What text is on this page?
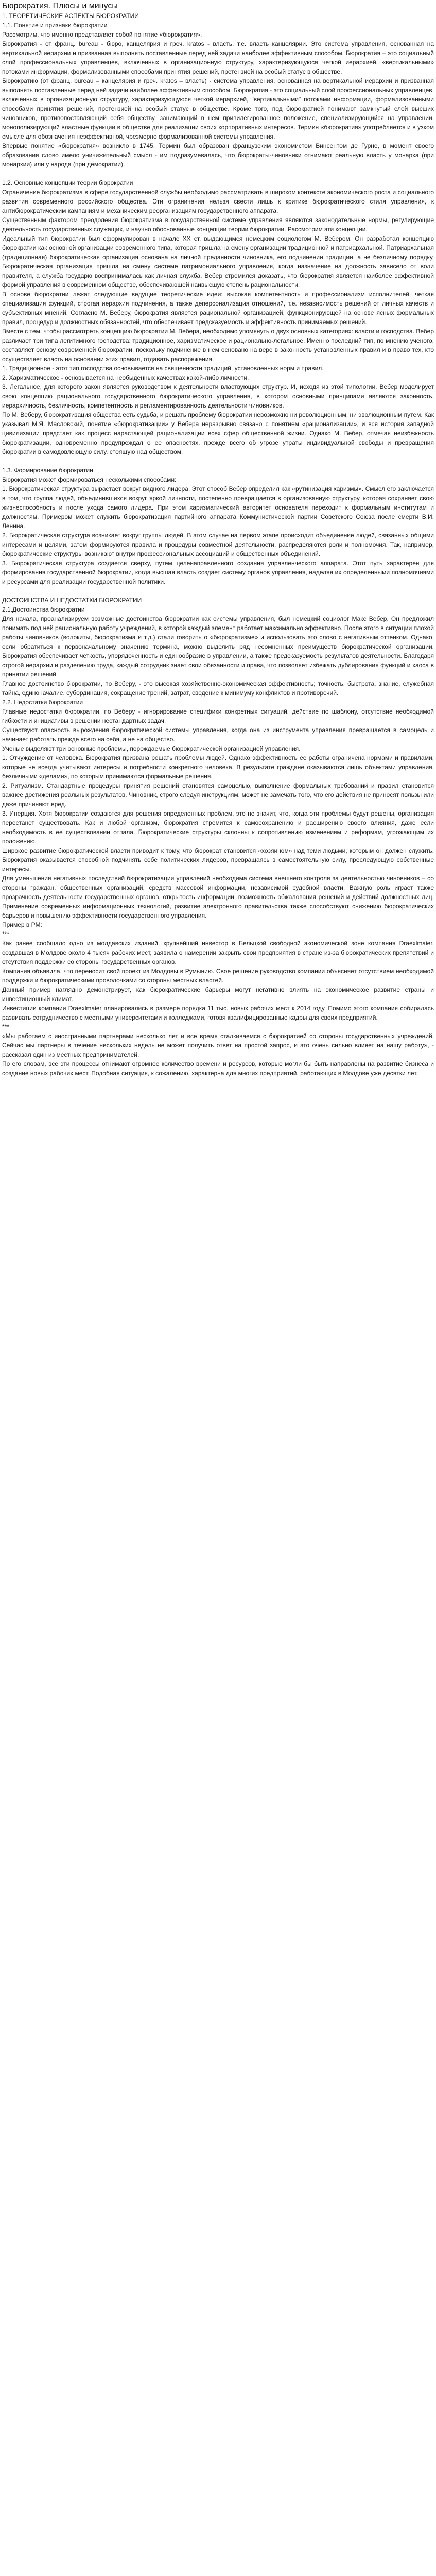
Бюрократия. Плюсы и минусы
1. ТЕОРЕТИЧЕСКИЕ АСПЕКТЫ БЮРОКРАТИИ

1.1. Понятие и признаки бюрократии

Рассмотрим, что именно представляет собой понятие «бюрократия».

Бюрократия - от франц. bureau - бюро, канцелярия и греч. kratos - власть, т.е. власть канцелярии. Это система управления, основанная на вертикальной иерархии и призванная выполнять поставленные перед ней задачи наиболее эффективным способом. Бюрократия – это социальный слой профессиональных управленцев, включенных в организационную структуру, характеризующуюся четкой иерархией, «вертикальными» потоками информации, формализованными способами принятия решений, претензией на особый статус в обществе.

Бюрократию (от франц. bureau – канцелярия и греч. kratos – власть) - система управления, основанная на вертикальной иерархии и призванная выполнять поставленные перед ней задачи наиболее эффективным способом. Бюрократия - это социальный слой профессиональных управленцев, включенных в организационную структуру, характеризующуюся четкой иерархией, "вертикальными" потоками информации, формализованными способами принятия решений, претензией на особый статус в обществе. Кроме того, под бюрократией понимают замкнутый слой высших чиновников, противопоставляющий себя обществу, занимающий в нем привилегированное положение, специализирующийся на управлении, монополизирующий властные функции в обществе для реализации своих корпоративных интересов. Термин «бюрократия» употребляется и в узком смысле для обозначения неэффективной, чрезмерно формализованной системы управления.

Впервые понятие «бюрократия» возникло в 1745. Термин был образован французским экономистом Винсентом де Гурне, в момент своего образования слово имело уничижительный смысл - им подразумевалась, что бюрократы-чиновники отнимают реальную власть у монарха (при монархии) или у народа (при демократии).

1.2. Основные концепции теории бюрократии

Ограничение бюрократизма в сфере государственной службы необходимо рассматривать в широком контексте экономического роста и социального развития современного российского общества. Эти ограничения нельзя свести лишь к критике бюрократического стиля управления, к антибюрократическим кампаниям и механическим реорганизациям государственного аппарата.

Существенным фактором преодоления бюрократизма в государственной системе управления являются законодательные нормы, регулирующие деятельность государственных служащих, и научно обоснованные концепции теории бюрократии. Рассмотрим эти концепции.

Идеальный тип бюрократии был сформулирован в начале XX ст. выдающимся немецким социологом М. Вебером. Он разработал концепцию бюрократии как основной организации современного типа, которая пришла на смену организации традиционной и патриархальной. Патриархальная (традиционная) бюрократическая организация основана на личной преданности чиновника, его подчинении традиции, а не безличному порядку. Бюрократическая организация пришла на смену системе патримониального управления, когда назначение на должность зависело от воли правителя, а служба государю воспринималась как личная служба. Вебер стремился доказать, что бюрократия является наиболее эффективной формой управления в современном обществе, обеспечивающей наивысшую степень рациональности.

В основе бюрократии лежат следующие ведущие теоретические идеи: высокая компетентность и профессионализм исполнителей, четкая специализация функций, строгая иерархия подчинения, а также деперсонализация отношений, т.е. независимость решений от личных качеств и субъективных мнений. Согласно М. Веберу, бюрократия является рациональной организацией, функционирующей на основе ясных формальных правил, процедур и должностных обязанностей, что обеспечивает предсказуемость и эффективность принимаемых решений.

Вместе с тем, чтобы рассмотреть концепцию бюрократии М. Вебера, необходимо упомянуть о двух основных категориях: власти и господства. Вебер различает три типа легитимного господства: традиционное, харизматическое и рационально-легальное. Именно последний тип, по мнению ученого, составляет основу современной бюрократии, поскольку подчинение в нем основано на вере в законность установленных правил и в право тех, кто осуществляет власть на основании этих правил, отдавать распоряжения.

1. Традиционное - этот тип господства основывается на священности традиций, установленных норм и правил.

2. Харизматическое - основывается на необыденных качествах какой-либо личности.

3. Легальное, для которого закон является руководством к деятельности властвующих структур. И, исходя из этой типологии, Вебер моделирует свою концепцию рационального государственного бюрократического управления, в котором основными принципами являются законность, иерархичность, безличность, компетентность и регламентированность деятельности чиновников.

По М. Веберу, бюрократизация общества есть судьба, и решать проблему бюрократии невозможно ни революционным, ни эволюционным путем. Как указывал М.Я. Масловский, понятие «бюрократизации» у Вебера неразрывно связано с понятием «рационализации», и вся история западной цивилизации предстает как процесс нарастающей рационализации всех сфер общественной жизни. Однако М. Вебер, отмечая неизбежность бюрократизации, одновременно предупреждал о ее опасностях, прежде всего об угрозе утраты индивидуальной свободы и превращения бюрократии в самодовлеющую силу, стоящую над обществом.

1.3. Формирование бюрократии

Бюрократия может формироваться несколькими способами:

1. Бюрократическая структура вырастает вокруг видного лидера. Этот способ Вебер определил как «рутинизация харизмы». Смысл его заключается в том, что группа людей, объединившихся вокруг яркой личности, постепенно превращается в организованную структуру, которая сохраняет свою жизнеспособность и после ухода самого лидера. При этом харизматический авторитет основателя переходит к формальным институтам и должностям. Примером может служить бюрократизация партийного аппарата Коммунистической партии Советского Союза после смерти В.И. Ленина.

2. Бюрократическая структура возникает вокруг группы людей. В этом случае на первом этапе происходит объединение людей, связанных общими интересами и целями, затем формируются правила и процедуры совместной деятельности, распределяются роли и полномочия. Так, например, бюрократические структуры возникают внутри профессиональных ассоциаций и общественных объединений.

3. Бюрократическая структура создается сверху, путем целенаправленного создания управленческого аппарата. Этот путь характерен для формирования государственной бюрократии, когда высшая власть создает систему органов управления, наделяя их определенными полномочиями и ресурсами для реализации государственной политики.

ДОСТОИНСТВА И НЕДОСТАТКИ БЮРОКРАТИИ

2.1.Достоинства бюрократии

Для начала, проанализируем возможные достоинства бюрократии как системы управления, был немецкий социолог Макс Вебер. Он предложил понимать под ней рациональную работу учреждений, в которой каждый элемент работает максимально эффективно. После этого в ситуации плохой работы чиновников (волокиты, бюрократизма и т.д.) стали говорить о «бюрократизме» и использовать это слово с негативным оттенком. Однако, если обратиться к первоначальному значению термина, можно выделить ряд несомненных преимуществ бюрократической организации. Бюрократия обеспечивает четкость, упорядоченность и единообразие в управлении, а также предсказуемость результатов деятельности. Благодаря строгой иерархии и разделению труда, каждый сотрудник знает свои обязанности и права, что позволяет избежать дублирования функций и хаоса в принятии решений.

Главное достоинство бюрократии, по Веберу, - это высокая хозяйственно-экономическая эффективность; точность, быстрота, знание, служебная тайна, единоначалие, субординация, сокращение трений, затрат, сведение к минимуму конфликтов и противоречий.

2.2. Недостатки бюрократии

Главные недостатки бюрократии, по Веберу - игнорирование специфики конкретных ситуаций, действие по шаблону, отсутствие необходимой гибкости и инициативы в решении нестандартных задач.

Существуют опасность вырождения бюрократической системы управления, когда она из инструмента управления превращается в самоцель и начинает работать прежде всего на себя, а не на общество.

Ученые выделяют три основные проблемы, порождаемые бюрократической организацией управления.

1. Отчуждение от человека. Бюрократия призвана решать проблемы людей. Однако эффективность ее работы ограничена нормами и правилами, которые не всегда учитывают интересы и потребности конкретного человека. В результате граждане оказываются лишь объектами управления, безличными «делами», по которым принимаются формальные решения.

2. Ритуализм. Стандартные процедуры принятия решений становятся самоцелью, выполнение формальных требований и правил становится важнее достижения реальных результатов. Чиновник, строго следуя инструкциям, может не замечать того, что его действия не приносят пользы или даже причиняют вред.

3. Инерция. Хотя бюрократии создаются для решения определенных проблем, это не значит, что, когда эти проблемы будут решены, организация перестанет существовать. Как и любой организм, бюрократия стремится к самосохранению и расширению своего влияния, даже если необходимость в ее существовании отпала. Бюрократические структуры склонны к сопротивлению изменениям и реформам, угрожающим их положению.

Широкое развитие бюрократической власти приводит к тому, что бюрократ становится «хозяином» над теми людьми, которым он должен служить. Бюрократия оказывается способной подчинять себе политических лидеров, превращаясь в самостоятельную силу, преследующую собственные интересы.

Для уменьшения негативных последствий бюрократизации управлений необходима система внешнего контроля за деятельностью чиновников – со стороны граждан, общественных организаций, средств массовой информации, независимой судебной власти. Важную роль играет также прозрачность деятельности государственных органов, открытость информации, возможность обжалования решений и действий должностных лиц. Применение современных информационных технологий, развитие электронного правительства также способствуют снижению бюрократических барьеров и повышению эффективности государственного управления.

Пример в РМ:

***

Как ранее сообщало одно из молдавских изданий, крупнейший инвестор в Бельцкой свободной экономической зоне компания Draexlmaier, создавшая в Молдове около 4 тысяч рабочих мест, заявила о намерении закрыть свои предприятия в стране из-за бюрократических препятствий и отсутствия поддержки со стороны государственных органов.

Компания объявила, что переносит свой проект из Молдовы в Румынию. Свое решение руководство компании объясняет отсутствием необходимой поддержки и бюрократическими проволочками со стороны местных властей.

Данный пример наглядно демонстрирует, как бюрократические барьеры могут негативно влиять на экономическое развитие страны и инвестиционный климат.

Инвестиции компании Draexlmaier планировались в размере порядка 11 тыс. новых рабочих мест к 2014 году. Помимо этого компания собиралась развивать сотрудничество с местными университетами и колледжами, готовя квалифицированные кадры для своих предприятий.

***

«Мы работаем с иностранными партнерами несколько лет и все время сталкиваемся с бюрократией со стороны государственных учреждений. Сейчас мы партнеры в течение нескольких недель не может получить ответ на простой запрос, и это очень сильно влияет на нашу работу», - рассказал один из местных предпринимателей.

По его словам, все эти процессы отнимают огромное количество времени и ресурсов, которые могли бы быть направлены на развитие бизнеса и создание новых рабочих мест. Подобная ситуация, к сожалению, характерна для многих предприятий, работающих в Молдове уже десятки лет.
